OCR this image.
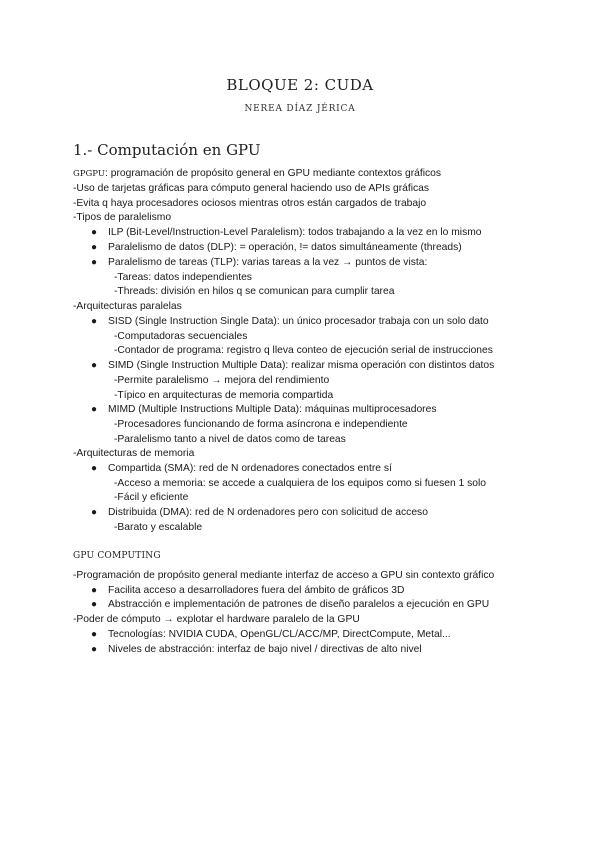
BLOQUE 2: CUDA
NEREA DÍAZ JÉRICA
1.- Computación en GPU
GPGPU: programación de propósito general en GPU mediante contextos gráficos
-Uso de tarjetas gráficas para cómputo general haciendo uso de APIs gráficas
-Evita q haya procesadores ociosos mientras otros están cargados de trabajo
-Tipos de paralelismo
● ILP (Bit-Level/Instruction-Level Paralelism): todos trabajando a la vez en lo mismo
● Paralelismo de datos (DLP): = operación, != datos simultáneamente (threads)
● Paralelismo de tareas (TLP): varias tareas a la vez → puntos de vista:
-Tareas: datos independientes
-Threads: división en hilos q se comunican para cumplir tarea
-Arquitecturas paralelas
● SISD (Single Instruction Single Data): un único procesador trabaja con un solo dato
-Computadoras secuenciales
-Contador de programa: registro q lleva conteo de ejecución serial de instrucciones
● SIMD (Single Instruction Multiple Data): realizar misma operación con distintos datos
-Permite paralelismo → mejora del rendimiento
-Típico en arquitecturas de memoria compartida
● MIMD (Multiple Instructions Multiple Data): máquinas multiprocesadores
-Procesadores funcionando de forma asíncrona e independiente
-Paralelismo tanto a nivel de datos como de tareas
-Arquitecturas de memoria
● Compartida (SMA): red de N ordenadores conectados entre sí
-Acceso a memoria: se accede a cualquiera de los equipos como si fuesen 1 solo
-Fácil y eficiente
● Distribuida (DMA): red de N ordenadores pero con solicitud de acceso
-Barato y escalable
GPU COMPUTING
-Programación de propósito general mediante interfaz de acceso a GPU sin contexto gráfico
● Facilita acceso a desarrolladores fuera del ámbito de gráficos 3D
● Abstracción e implementación de patrones de diseño paralelos a ejecución en GPU
-Poder de cómputo → explotar el hardware paralelo de la GPU
● Tecnologías: NVIDIA CUDA, OpenGL/CL/ACC/MP, DirectCompute, Metal...
● Niveles de abstracción: interfaz de bajo nivel / directivas de alto nivel
